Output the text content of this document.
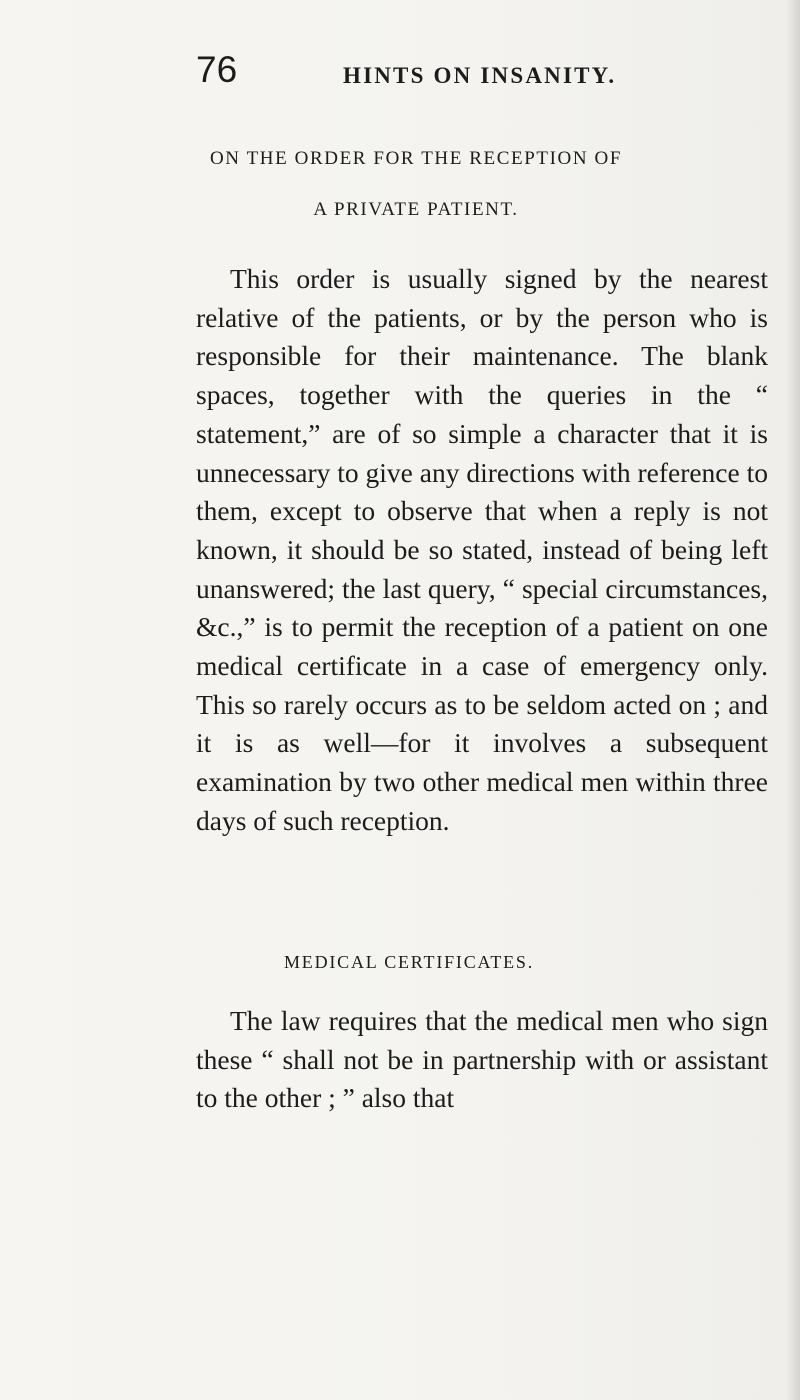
76	HINTS ON INSANITY.
ON THE ORDER FOR THE RECEPTION OF
A PRIVATE PATIENT.

This order is usually signed by the nearest relative of the patients, or by the person who is responsible for their maintenance. The blank spaces, together with the queries in the “ statement,” are of so simple a character that it is unnecessary to give any directions with reference to them, except to observe that when a reply is not known, it should be so stated, instead of being left unanswered; the last query, “ special circumstances, &c.,” is to permit the reception of a patient on one medical certificate in a case of emergency only. This so rarely occurs as to be seldom acted on ; and it is as well—for it involves a subsequent examination by two other medical men within three days of such reception.

MEDICAL CERTIFICATES.

The law requires that the medical men who sign these “ shall not be in partnership with or assistant to the other ; ” also that
